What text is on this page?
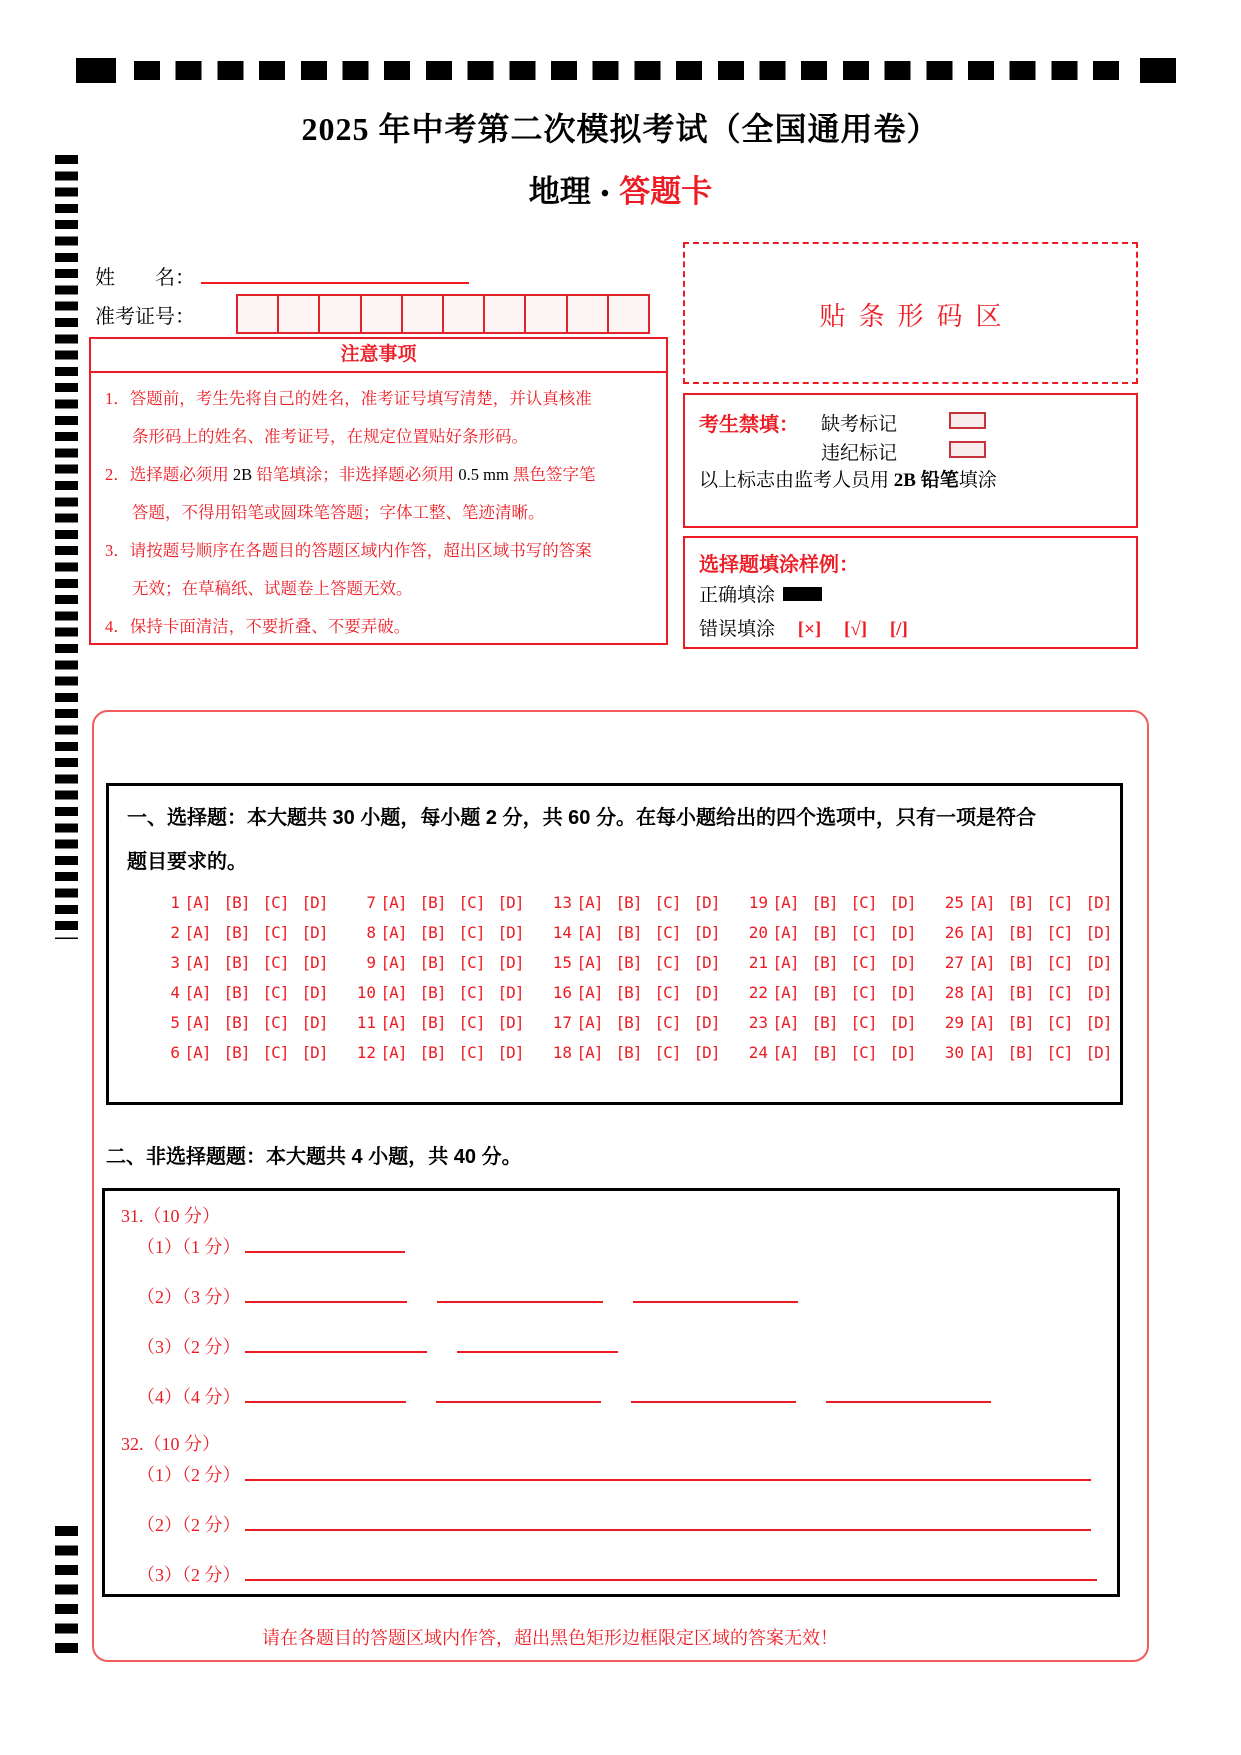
2025 年中考第二次模拟考试（全国通用卷）
地理 • 答题卡
姓　　名：
准考证号：
注意事项
1．答题前，考生先将自己的姓名，准考证号填写清楚，并认真核准
条形码上的姓名、准考证号，在规定位置贴好条形码。
2．选择题必须用 2B 铅笔填涂；非选择题必须用 0.5 mm 黑色签字笔
答题，不得用铅笔或圆珠笔答题；字体工整、笔迹清晰。
3．请按题号顺序在各题目的答题区域内作答，超出区域书写的答案
无效；在草稿纸、试题卷上答题无效。
4．保持卡面清洁，不要折叠、不要弄破。
贴条形码区
考生禁填： 缺考标记
违纪标记
以上标志由监考人员用 2B 铅笔填涂
选择题填涂样例：
正确填涂
错误填涂 [×] [√] [/]
一、选择题：本大题共 30 小题，每小题 2 分，共 60 分。在每小题给出的四个选项中，只有一项是符合
题目要求的。
1 [A] [B] [C] [D]	7 [A] [B] [C] [D] 13 [A] [B] [C] [D] 19 [A] [B] [C] [D] 25 [A] [B] [C] [D]
2 [A] [B] [C] [D]	8 [A] [B] [C] [D] 14 [A] [B] [C] [D] 20 [A] [B] [C] [D] 26 [A] [B] [C] [D]
3 [A] [B] [C] [D]	9 [A] [B] [C] [D] 15 [A] [B] [C] [D] 21 [A] [B] [C] [D] 27 [A] [B] [C] [D]
4 [A] [B] [C] [D] 10 [A] [B] [C] [D] 16 [A] [B] [C] [D] 22 [A] [B] [C] [D] 28 [A] [B] [C] [D]
5 [A] [B] [C] [D] 11 [A] [B] [C] [D] 17 [A] [B] [C] [D] 23 [A] [B] [C] [D] 29 [A] [B] [C] [D]
6 [A] [B] [C] [D] 12 [A] [B] [C] [D] 18 [A] [B] [C] [D] 24 [A] [B] [C] [D] 30 [A] [B] [C] [D]
二、非选择题题：本大题共 4 小题，共 40 分。
31.（10 分）
（1）（1 分）
（2）（3 分）
（3）（2 分）
（4）（4 分）
32.（10 分）
（1）（2 分）
（2）（2 分）
（3）（2 分）
请在各题目的答题区域内作答，超出黑色矩形边框限定区域的答案无效！
